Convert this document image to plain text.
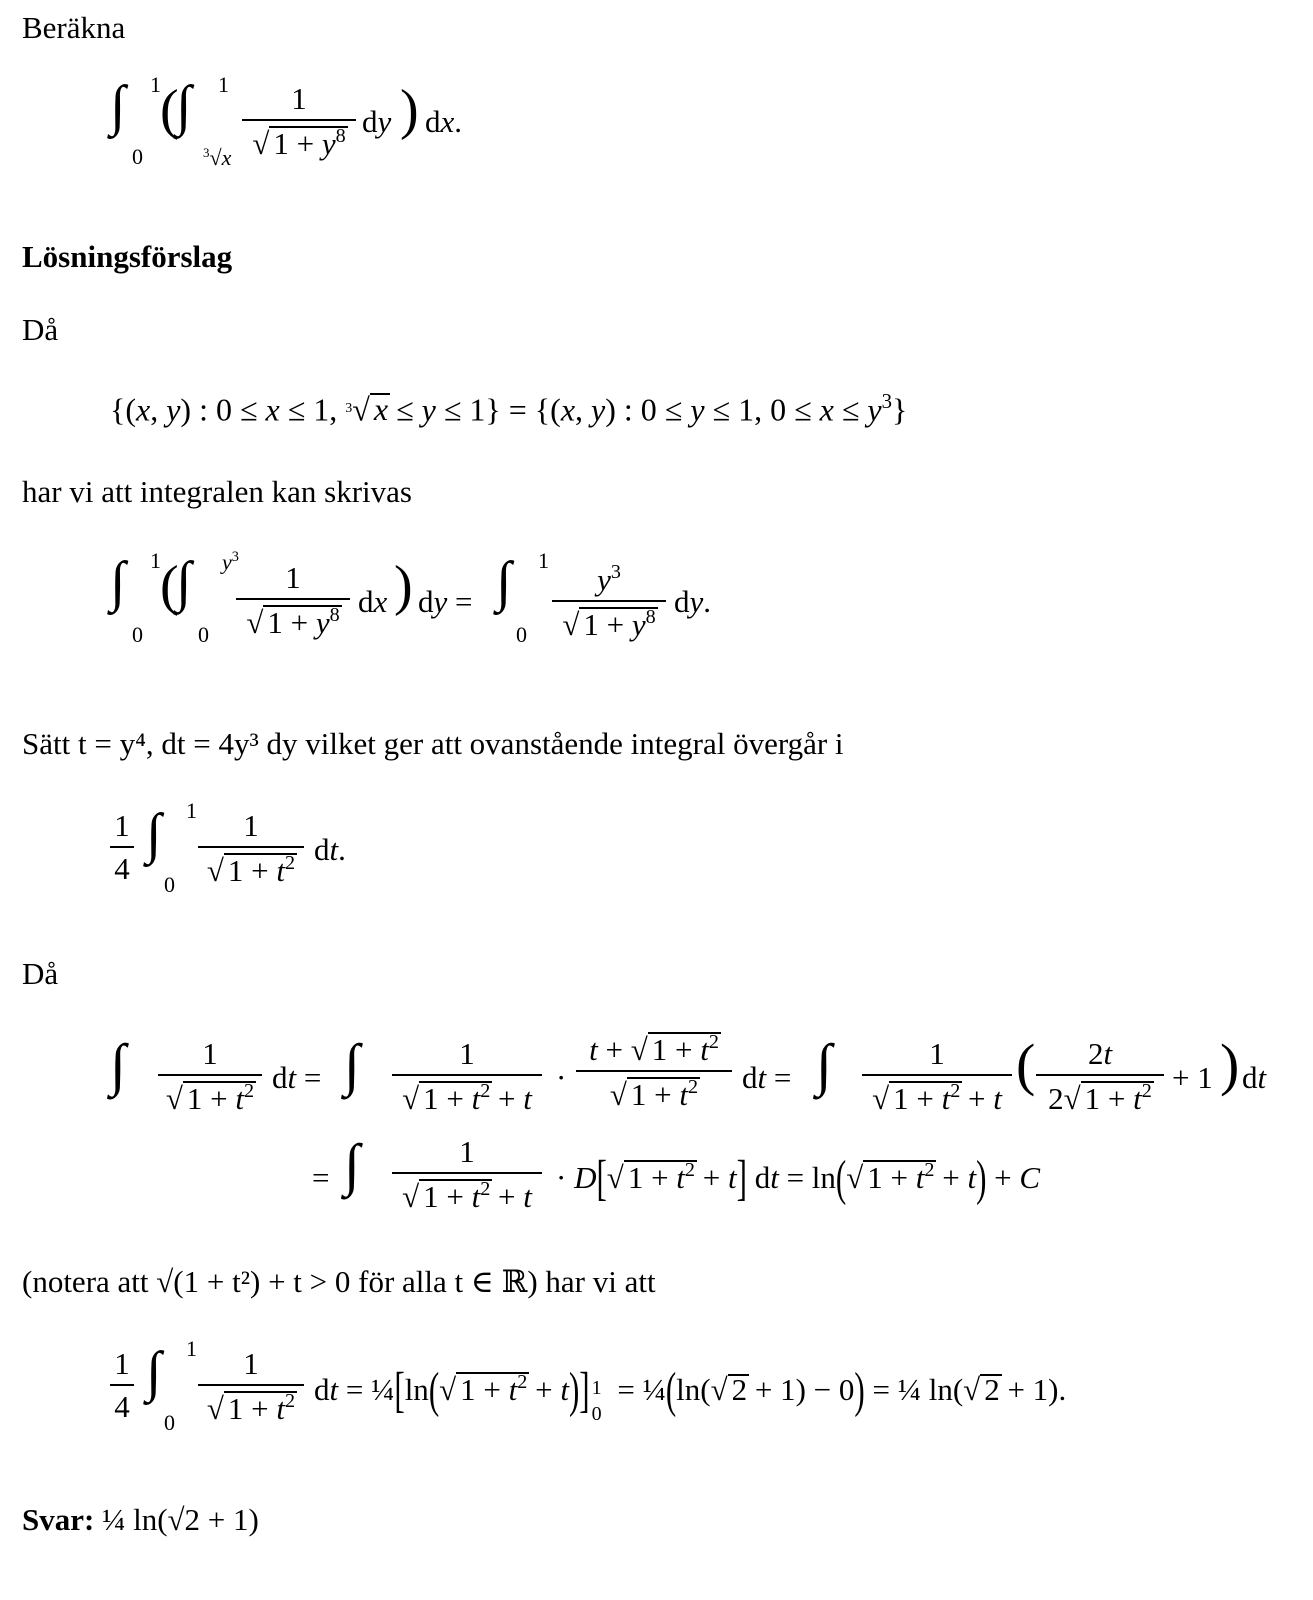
Beräkna
∫ 1
0
(
∫ 1
$^3$√x
1
√ $1 + y^8$ dy ) dx.
Lösningsförslag
Då
{(x, y) : 0 ≤ x ≤ 1, $^3$√ x ≤ y ≤ 1} = {(x, y) : 0 ≤ y ≤ 1, $0 \le x \le y^3$}
har vi att integralen kan skrivas
∫ 1
0
(
∫ $y^3$
0
1
√ $1 + y^8$ dx ) dy = ∫ 1
0
$y^3$
√ $1 + y^8$ dy.
Sätt t = y⁴, dt = 4y³ dy vilket ger att ovanstående integral övergår i
1
4
∫ 1
0
1
√ $1 + t^2$ dt.
Då
∫ 1
√ $1 + t^2$ dt = ∫	1
√ $1 + t^2 + t$
·
t + √ $1 + t^2$
√ $1 + t^2$ dt = ∫	1
√ $1 + t^2 + t$
( 2t
2√ $1 + t^2 + 1$ ) dt
= ∫	1
√ $1 + t^2 + t$
· D[√ $1 + t^2 + t$] dt = ln(√ $1 + t^2 + t) + C$
(notera att √(1 + t²) + t > 0 för alla t ∈ ℝ) har vi att
1
4
∫ 1
0
1
√ $1 + t^2$ dt = ¼[ln(√ $1 + t^2 + t$)] 1
0
= ¼(ln(√ 2 + 1) − 0) = ¼ ln(√ 2 + 1).
Svar: ¼ ln(√2 + 1)
